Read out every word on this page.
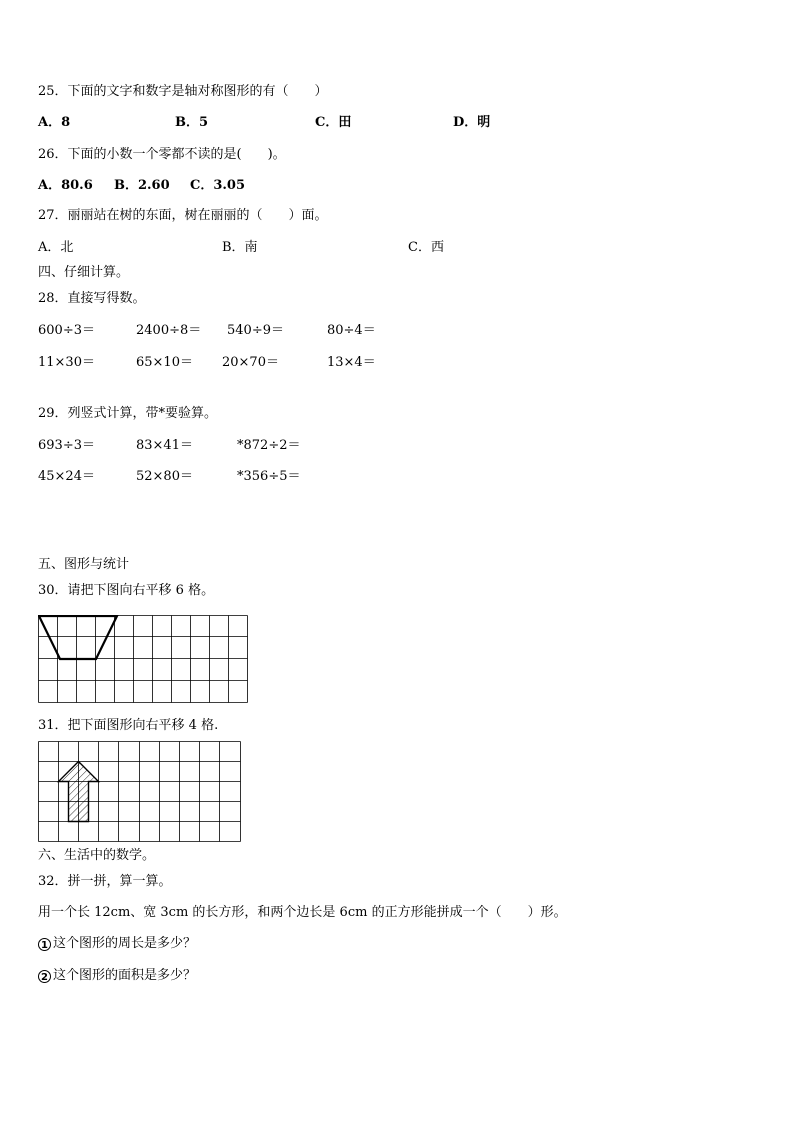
25．下面的文字和数字是轴对称图形的有（　　）
A．8	B．5	C．田	D．明
26．下面的小数一个零都不读的是(　　)。
A．80.6 B．2.60 C．3.05
27．丽丽站在树的东面，树在丽丽的（　　）面。
A．北	B．南	C．西
四、仔细计算。
28．直接写得数。
600÷3＝	2400÷8＝ 540÷9＝	80÷4＝
11×30＝	65×10＝ 20×70＝	13×4＝
29．列竖式计算，带*要验算。
693÷3＝	83×41＝	*872÷2＝
45×24＝	52×80＝	*356÷5＝
五、图形与统计
30．请把下图向右平移 6 格。
31．把下面图形向右平移 4 格.
六、生活中的数学。
32．拼一拼，算一算。
用一个长 12cm、宽 3cm 的长方形，和两个边长是 6cm 的正方形能拼成一个（　　）形。
1 这个图形的周长是多少？
2 这个图形的面积是多少？
